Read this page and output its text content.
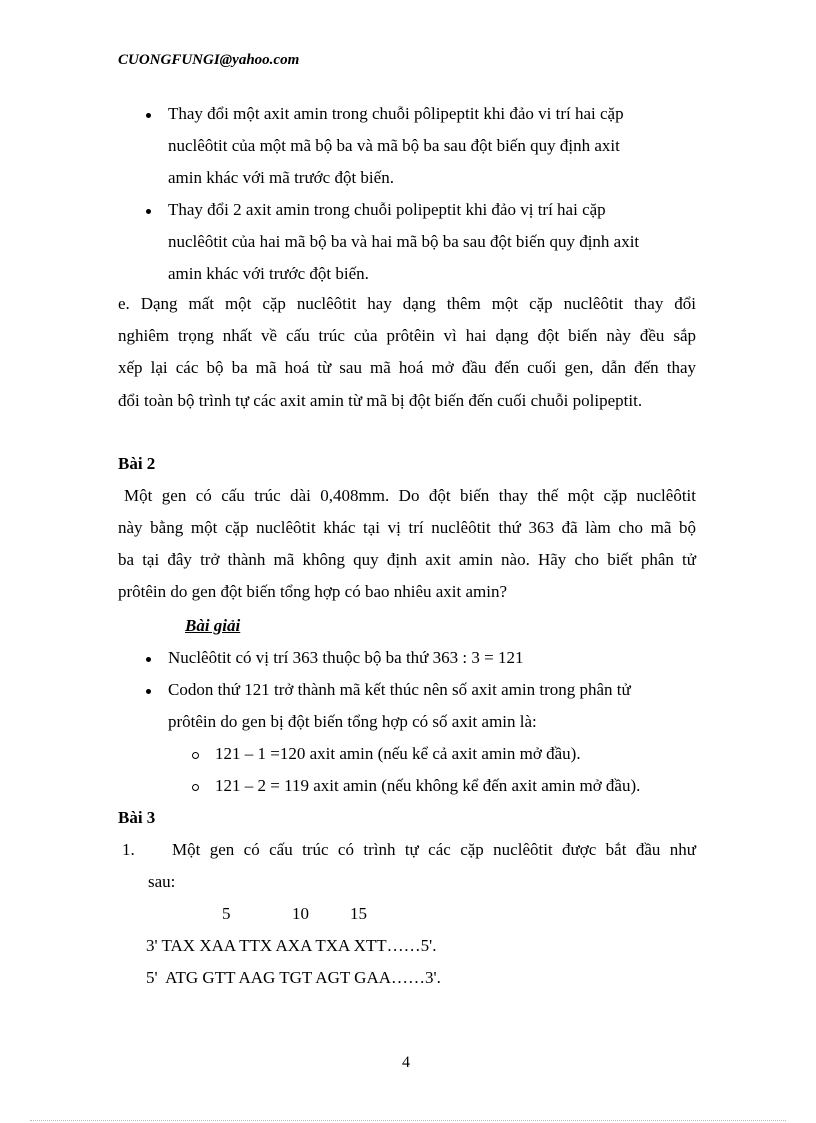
CUONGFUNGI@yahoo.com
Thay đổi một axit amin trong chuỗi pôlipeptit khi đảo vi trí hai cặp
nuclêôtit của một mã bộ ba và mã bộ ba sau đột biến quy định axit
amin khác với mã trước đột biến.
Thay đổi 2 axit amin trong chuỗi polipeptit khi đảo vị trí hai cặp
nuclêôtit của hai mã bộ ba và hai mã bộ ba sau đột biến quy định axit
amin khác với trước đột biến.
e. Dạng mất một cặp nuclêôtit hay dạng thêm một cặp nuclêôtit thay đổi
nghiêm trọng nhất về cấu trúc của prôtêin vì hai dạng đột biến này đều sắp
xếp lại các bộ ba mã hoá từ sau mã hoá mở đầu đến cuối gen, dẫn đến thay
đổi toàn bộ trình tự các axit amin từ mã bị đột biến đến cuối chuỗi polipeptit.
Bài 2
Một gen có cấu trúc dài 0,408mm. Do đột biến thay thế một cặp nuclêôtit
này bằng một cặp nuclêôtit khác tại vị trí nuclêôtit thứ 363 đã làm cho mã bộ
ba tại đây trở thành mã không quy định axit amin nào. Hãy cho biết phân tử
prôtêin do gen đột biến tổng hợp có bao nhiêu axit amin?
Bài giải
Nuclêôtit có vị trí 363 thuộc bộ ba thứ 363 : 3 = 121
Codon thứ 121 trở thành mã kết thúc nên số axit amin trong phân tử
prôtêin do gen bị đột biến tổng hợp có số axit amin là:
121 – 1 =120 axit amin (nếu kể cả axit amin mở đầu).
121 – 2 = 119 axit amin (nếu không kể đến axit amin mở đầu).
Bài 3
1. Một gen có cấu trúc có trình tự các cặp nuclêôtit được bắt đầu như
sau:
5	10 15
3' TAX XAA TTX AXA TXA XTT……5'.
5'  ATG GTT AAG TGT AGT GAA……3'.
4
